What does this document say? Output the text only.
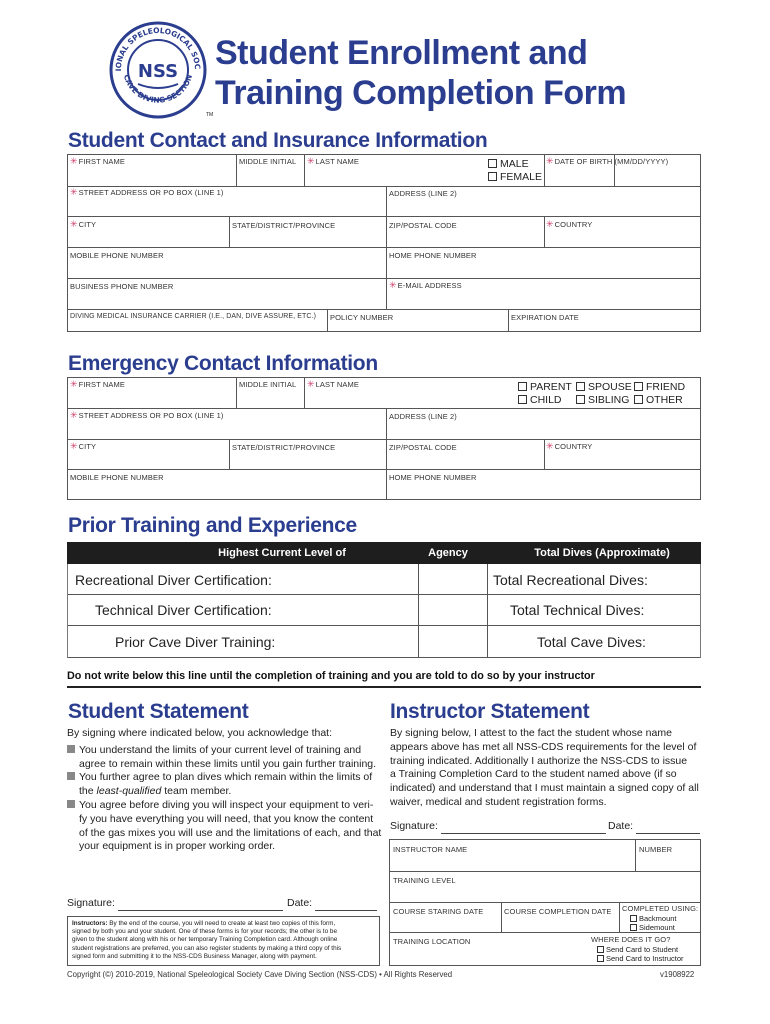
IONAL SPELEOLOGICAL SOC
CAVE DIVING SECTION
NSS
TM
Student Enrollment and
Training Completion Form
Student Contact and Insurance Information
✳ FIRST NAME	MIDDLE INITIAL	✳ LAST NAME	MALE
FEMALE
✳ DATE OF BIRTH (MM/DD/YYYY)
✳ STREET ADDRESS OR PO BOX (LINE 1)	ADDRESS (LINE 2)
✳ CITY	STATE/DISTRICT/PROVINCE	ZIP/POSTAL CODE	✳ COUNTRY
MOBILE PHONE NUMBER	HOME PHONE NUMBER
BUSINESS PHONE NUMBER	✳ E-MAIL ADDRESS
DIVING MEDICAL INSURANCE CARRIER (I.E., DAN, DIVE ASSURE, ETC.) POLICY NUMBER	EXPIRATION DATE
Emergency Contact Information
✳ FIRST NAME	MIDDLE INITIAL	✳ LAST NAME	PARENT SPOUSE FRIEND
CHILD	SIBLING OTHER
✳ STREET ADDRESS OR PO BOX (LINE 1)	ADDRESS (LINE 2)
✳ CITY	STATE/DISTRICT/PROVINCE	ZIP/POSTAL CODE	✳ COUNTRY
MOBILE PHONE NUMBER	HOME PHONE NUMBER
Prior Training and Experience
Highest Current Level of	Agency	Total Dives (Approximate)
Recreational Diver Certification:	Total Recreational Dives:
Technical Diver Certification:	Total Technical Dives:
Prior Cave Diver Training:	Total Cave Dives:
Do not write below this line until the completion of training and you are told to do so by your instructor
Student Statement
By signing where indicated below, you acknowledge that:
You understand the limits of your current level of training and
agree to remain within these limits until you gain further training.
You further agree to plan dives which remain within the limits of
the least-qualified team member.
You agree before diving you will inspect your equipment to veri-
fy you have everything you will need, that you know the content
of the gas mixes you will use and the limitations of each, and that
your equipment is in proper working order.
Signature:	Date:
Instructors: By the end of the course, you will need to create at least two copies of this form,
signed by both you and your student. One of these forms is for your records; the other is to be
given to the student along with his or her temporary Training Completion card. Although online
student registrations are preferred, you can also register students by making a third copy of this
signed form and submitting it to the NSS-CDS Business Manager, along with payment.
Instructor Statement
By signing below, I attest to the fact the student whose name
appears above has met all NSS-CDS requirements for the level of
training indicated. Additionally I authorize the NSS-CDS to issue
a Training Completion Card to the student named above (if so
indicated) and understand that I must maintain a signed copy of all
waiver, medical and student registration forms.
Signature:	Date:
INSTRUCTOR NAME	NUMBER
TRAINING LEVEL
COURSE STARING DATE	COURSE COMPLETION DATE COMPLETED USING:
Backmount
Sidemount
TRAINING LOCATION	WHERE DOES IT GO?
Send Card to Student
Send Card to Instructor
Copyright (©) 2010-2019, National Speleological Society Cave Diving Section (NSS-CDS) • All Rights Reserved	v1908922
